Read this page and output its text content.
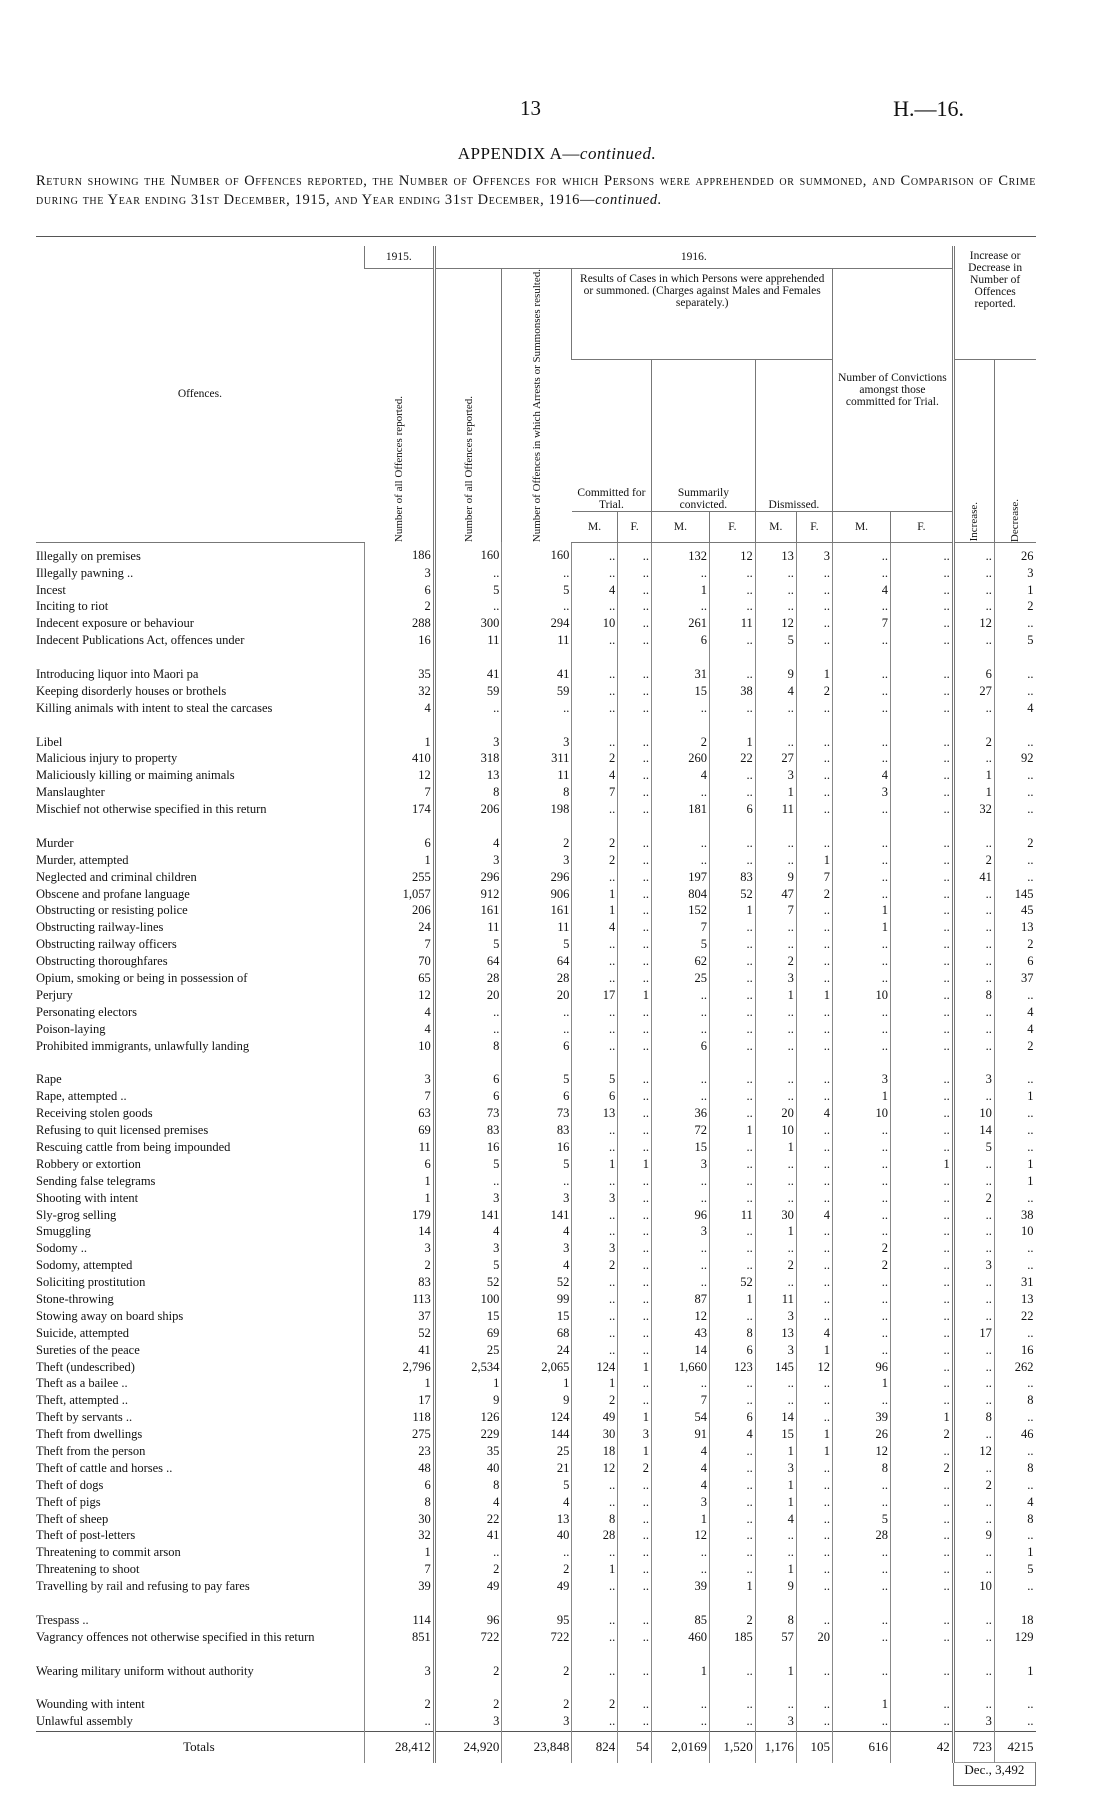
13	H.—16.
APPENDIX A—continued.
Return showing the Number of Offences reported, the Number of Offences for which Persons were apprehended or summoned, and Comparison of Crime during the Year ending 31st December, 1915, and Year ending 31st December, 1916—continued.
Offences.	1915.	1916.										Increase or Decrease in Number of Offences reported.	

	Number of all Offences reported.	Number of all Offences reported.	Number of Offences in which Arrests or Summonses resulted.	Results of Cases in which Persons were apprehended or summoned. (Charges against Males and Females separately.)						Number of Convictions amongst those committed for Trial.			
				Committed for Trial.		Summarily convicted.		Dismissed.				Increase.	Decrease.

				M.	F.	M.	F.	M.	F.	M.	F.		
Illegally on premises	186	160	160	..	..	132	12	13	3	..	..	..	26
Illegally pawning ..	3	..	..	..	..	..	..	..	..	..	..	..	3
Incest	6	5	5	4	..	1	..	..	..	4	..	..	1
Inciting to riot	2	..	..	..	..	..	..	..	..	..	..	..	2
Indecent exposure or behaviour	288	300	294	10	..	261	11	12	..	7	..	12	..
Indecent Publications Act, offences under	16	11	11	..	..	6	..	5	..	..	..	..	5
Introducing liquor into Maori pa	35	41	41	..	..	31	..	9	1	..	..	6	..
Keeping disorderly houses or brothels	32	59	59	..	..	15	38	4	2	..	..	27	..
Killing animals with intent to steal the carcases	4	..	..	..	..	..	..	..	..	..	..	..	4
Libel	1	3	3	..	..	2	1	..	..	..	..	2	..
Malicious injury to property	410	318	311	2	..	260	22	27	..	..	..	..	92
Maliciously killing or maiming animals	12	13	11	4	..	4	..	3	..	4	..	1	..
Manslaughter	7	8	8	7	..	..	..	1	..	3	..	1	..
Mischief not otherwise specified in this return	174	206	198	..	..	181	6	11	..	..	..	32	..
Murder	6	4	2	2	..	..	..	..	..	..	..	..	2
Murder, attempted	1	3	3	2	..	..	..	..	1	..	..	2	..
Neglected and criminal children	255	296	296	..	..	197	83	9	7	..	..	41	..
Obscene and profane language	1,057	912	906	1	..	804	52	47	2	..	..	..	145
Obstructing or resisting police	206	161	161	1	..	152	1	7	..	1	..	..	45
Obstructing railway-lines	24	11	11	4	..	7	..	..	..	1	..	..	13
Obstructing railway officers	7	5	5	..	..	5	..	..	..	..	..	..	2
Obstructing thoroughfares	70	64	64	..	..	62	..	2	..	..	..	..	6
Opium, smoking or being in possession of	65	28	28	..	..	25	..	3	..	..	..	..	37
Perjury	12	20	20	17	1	..	..	1	1	10	..	8	..
Personating electors	4	..	..	..	..	..	..	..	..	..	..	..	4
Poison-laying	4	..	..	..	..	..	..	..	..	..	..	..	4
Prohibited immigrants, unlawfully landing	10	8	6	..	..	6	..	..	..	..	..	..	2
Rape	3	6	5	5	..	..	..	..	..	3	..	3	..
Rape, attempted ..	7	6	6	6	..	..	..	..	..	1	..	..	1
Receiving stolen goods	63	73	73	13	..	36	..	20	4	10	..	10	..
Refusing to quit licensed premises	69	83	83	..	..	72	1	10	..	..	..	14	..
Rescuing cattle from being impounded	11	16	16	..	..	15	..	1	..	..	..	5	..
Robbery or extortion	6	5	5	1	1	3	..	..	..	..	1	..	1
Sending false telegrams	1	..	..	..	..	..	..	..	..	..	..	..	1
Shooting with intent	1	3	3	3	..	..	..	..	..	..	..	2	..
Sly-grog selling	179	141	141	..	..	96	11	30	4	..	..	..	38
Smuggling	14	4	4	..	..	3	..	1	..	..	..	..	10
Sodomy ..	3	3	3	3	..	..	..	..	..	2	..	..	..
Sodomy, attempted	2	5	4	2	..	..	..	2	..	2	..	3	..
Soliciting prostitution	83	52	52	..	..	..	52	..	..	..	..	..	31
Stone-throwing	113	100	99	..	..	87	1	11	..	..	..	..	13
Stowing away on board ships	37	15	15	..	..	12	..	3	..	..	..	..	22
Suicide, attempted	52	69	68	..	..	43	8	13	4	..	..	17	..
Sureties of the peace	41	25	24	..	..	14	6	3	1	..	..	..	16
Theft (undescribed)	2,796	2,534	2,065	124	1	1,660	123	145	12	96	..	..	262
Theft as a bailee ..	1	1	1	1	..	..	..	..	..	1	..	..	..
Theft, attempted ..	17	9	9	2	..	7	..	..	..	..	..	..	8
Theft by servants ..	118	126	124	49	1	54	6	14	..	39	1	8	..
Theft from dwellings	275	229	144	30	3	91	4	15	1	26	2	..	46
Theft from the person	23	35	25	18	1	4	..	1	1	12	..	12	..
Theft of cattle and horses ..	48	40	21	12	2	4	..	3	..	8	2	..	8
Theft of dogs	6	8	5	..	..	4	..	1	..	..	..	2	..
Theft of pigs	8	4	4	..	..	3	..	1	..	..	..	..	4
Theft of sheep	30	22	13	8	..	1	..	4	..	5	..	..	8
Theft of post-letters	32	41	40	28	..	12	..	..	..	28	..	9	..
Threatening to commit arson	1	..	..	..	..	..	..	..	..	..	..	..	1
Threatening to shoot	7	2	2	1	..	..	..	1	..	..	..	..	5
Travelling by rail and refusing to pay fares	39	49	49	..	..	39	1	9	..	..	..	10	..
Trespass ..	114	96	95	..	..	85	2	8	..	..	..	..	18
Vagrancy offences not otherwise specified in this return	851	722	722	..	..	460	185	57	20	..	..	..	129
Wearing military uniform without authority	3	2	2	..	..	1	..	1	..	..	..	..	1
Wounding with intent	2	2	2	2	..	..	..	..	..	1	..	..	..
Unlawful assembly	..	3	3	..	..	..	..	3	..	..	..	3	..
Totals	28,412	24,920	23,848	824	54	2,0169	1,520	1,176	105	616	42	723	4215
												Dec., 3,492	
